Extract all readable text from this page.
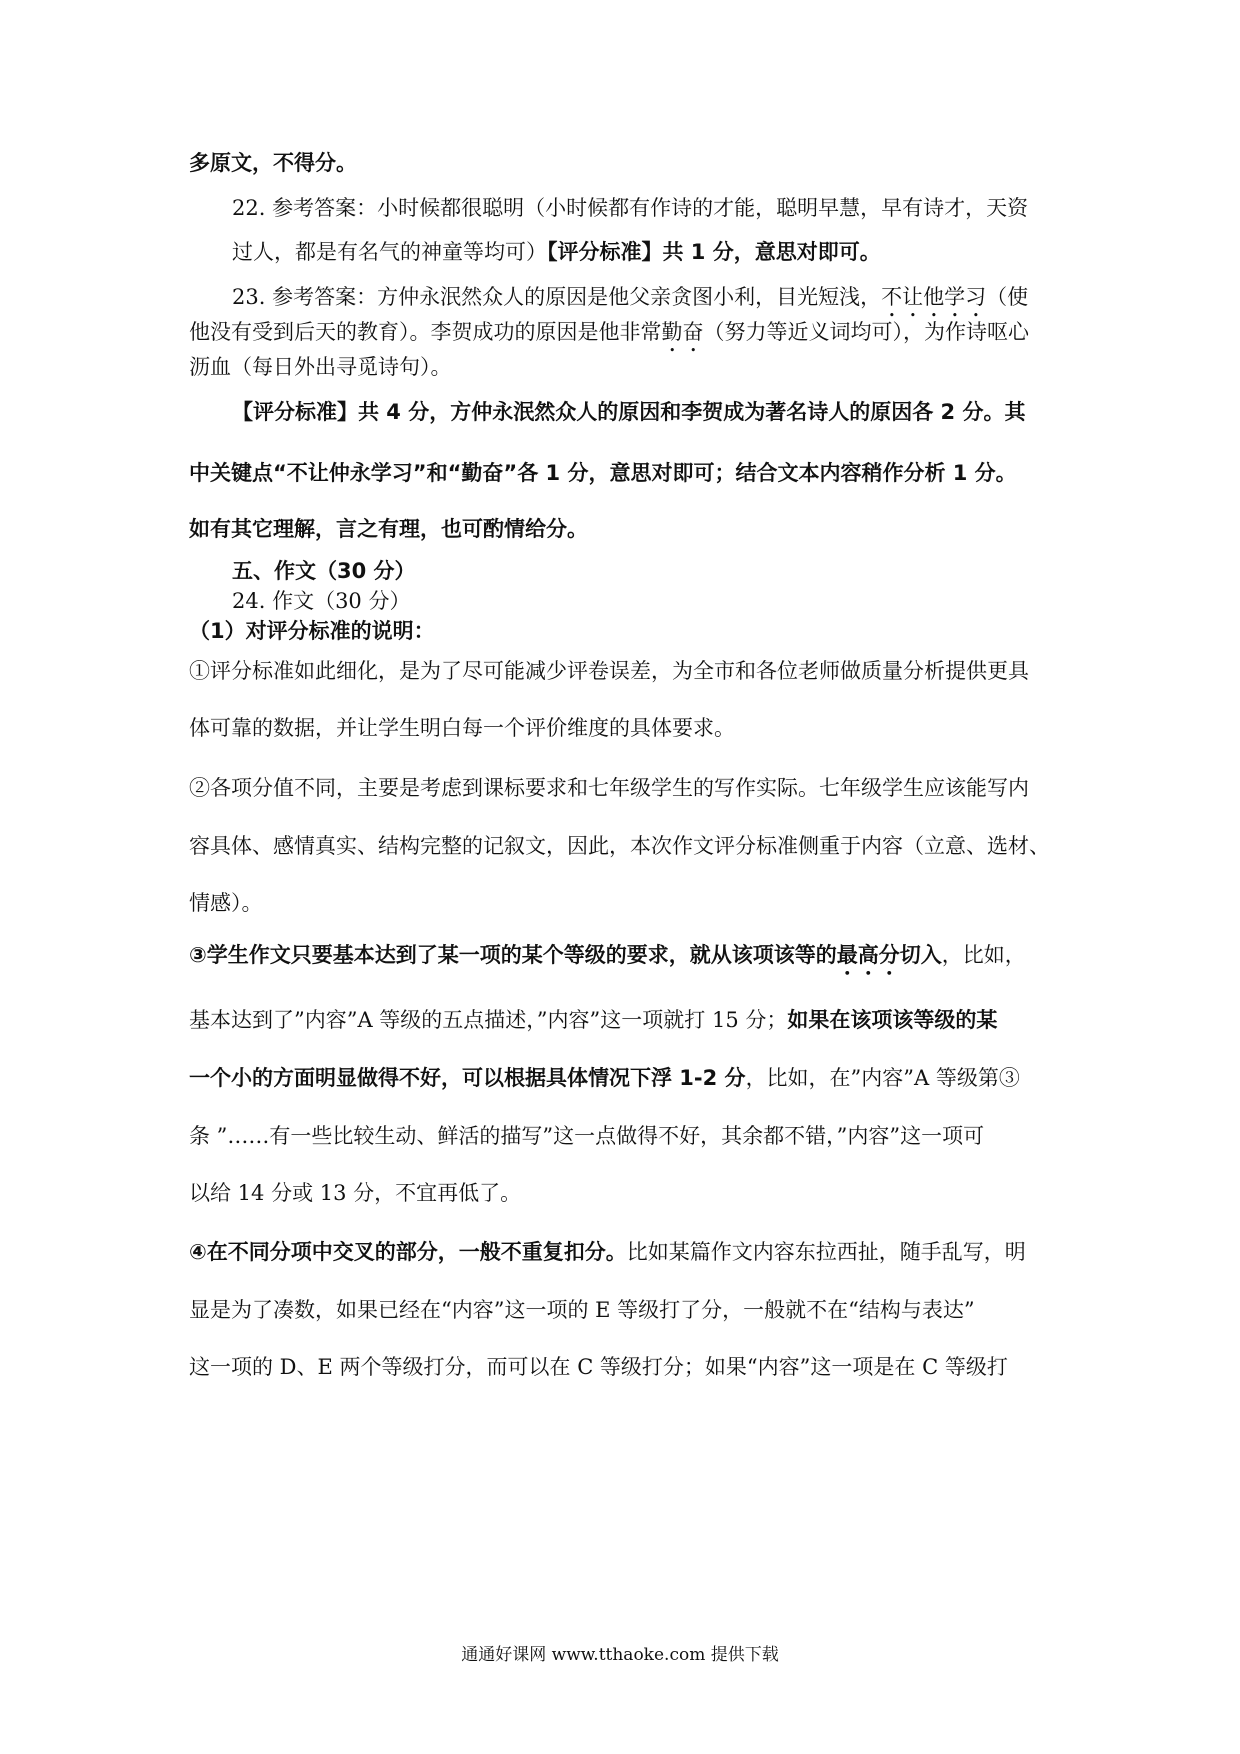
多原文，不得分。
22. 参考答案：小时候都很聪明（小时候都有作诗的才能，聪明早慧，早有诗才，天资
过人，都是有名气的神童等均可）【评分标准】共 1 分，意思对即可。
23. 参考答案：方仲永泯然众人的原因是他父亲贪图小利，目光短浅，不让他学习（使
他没有受到后天的教育）。李贺成功的原因是他非常勤奋（努力等近义词均可），为作诗呕心
沥血（每日外出寻觅诗句）。
【评分标准】共 4 分，方仲永泯然众人的原因和李贺成为著名诗人的原因各 2 分。其
中关键点“不让仲永学习”和“勤奋”各 1 分，意思对即可；结合文本内容稍作分析 1 分。
如有其它理解，言之有理，也可酌情给分。
五、作文（30 分）
24. 作文（30 分）
（1）对评分标准的说明：
①评分标准如此细化，是为了尽可能减少评卷误差，为全市和各位老师做质量分析提供更具
体可靠的数据，并让学生明白每一个评价维度的具体要求。
②各项分值不同，主要是考虑到课标要求和七年级学生的写作实际。七年级学生应该能写内
容具体、感情真实、结构完整的记叙文，因此，本次作文评分标准侧重于内容（立意、选材、
情感）。
③学生作文只要基本达到了某一项的某个等级的要求，就从该项该等的最高分切入，比如，
基本达到了”内容”A 等级的五点描述，”内容”这一项就打 15 分；如果在该项该等级的某
一个小的方面明显做得不好，可以根据具体情况下浮 1-2 分，比如，在”内容”A 等级第③
条 ”……有一些比较生动、鲜活的描写”这一点做得不好，其余都不错，”内容”这一项可
以给 14 分或 13 分，不宜再低了。
④在不同分项中交叉的部分，一般不重复扣分。比如某篇作文内容东拉西扯，随手乱写，明
显是为了凑数，如果已经在“内容”这一项的 E 等级打了分，一般就不在“结构与表达”
这一项的 D、E 两个等级打分，而可以在 C 等级打分；如果“内容”这一项是在 C 等级打
通通好课网 www.tthaoke.com 提供下载
